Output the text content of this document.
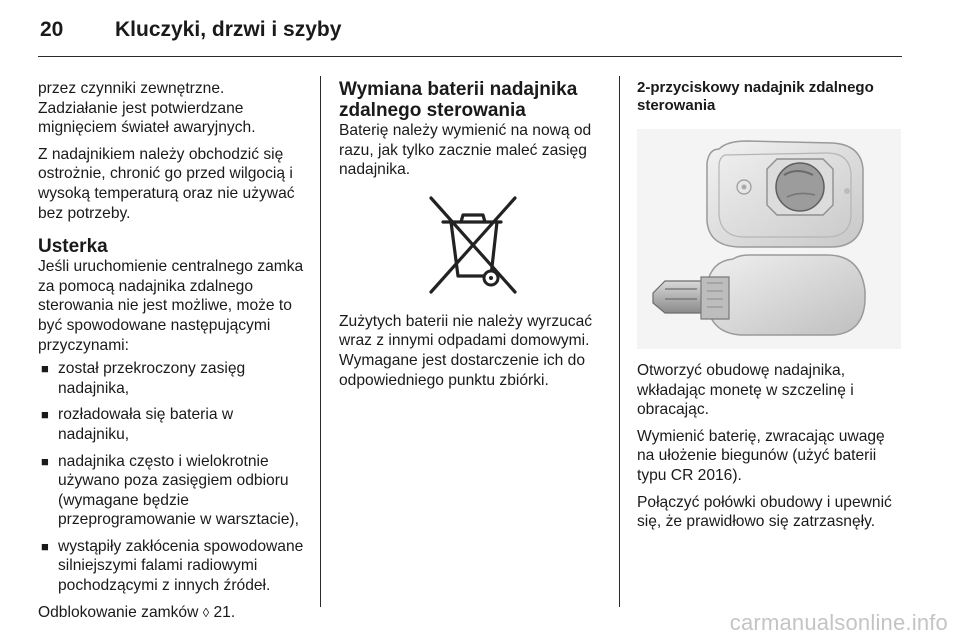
20 Kluczyki, drzwi i szyby

przez czynniki zewnętrzne. Zadziałanie jest potwierdzane mignięciem świateł awaryjnych.

Z nadajnikiem należy obchodzić się ostrożnie, chronić go przed wilgocią i wysoką temperaturą oraz nie używać bez potrzeby.

Usterka

Jeśli uruchomienie centralnego zamka za pomocą nadajnika zdalnego sterowania nie jest możliwe, może to być spowodowane następującymi przyczynami:

■ został przekroczony zasięg nadajnika,
■ rozładowała się bateria w nadajniku,
■ nadajnika często i wielokrotnie używano poza zasięgiem odbioru (wymagane będzie przeprogramowanie w warsztacie),
■ wystąpiły zakłócenia spowodowane silniejszymi falami radiowymi pochodzącymi z innych źródeł.

Odblokowanie zamków ◊ 21.

Wymiana baterii nadajnika zdalnego sterowania

Baterię należy wymienić na nową od razu, jak tylko zacznie maleć zasięg nadajnika.

Zużytych baterii nie należy wyrzucać wraz z innymi odpadami domowymi. Wymagane jest dostarczenie ich do odpowiedniego punktu zbiórki.

2-przyciskowy nadajnik zdalnego sterowania

Otworzyć obudowę nadajnika, wkładając monetę w szczelinę i obracając.

Wymienić baterię, zwracając uwagę na ułożenie biegunów (użyć baterii typu CR 2016).

Połączyć połówki obudowy i upewnić się, że prawidłowo się zatrzasnęły.

carmanualsonline.info
